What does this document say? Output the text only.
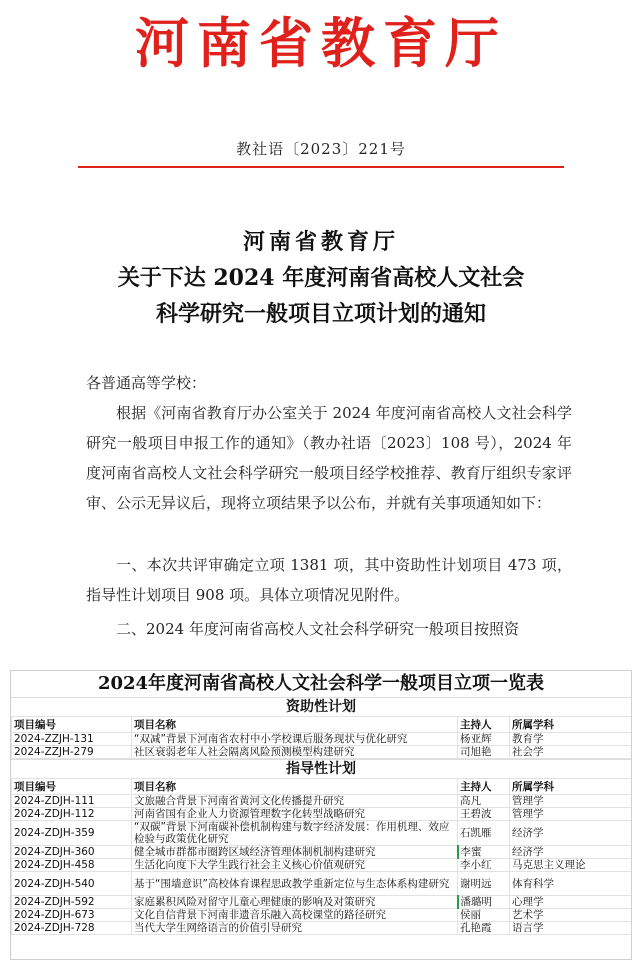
河南省教育厅
教社语〔2023〕221号
河南省教育厅
关于下达 2024 年度河南省高校人文社会
科学研究一般项目立项计划的通知
各普通高等学校：
根据《河南省教育厅办公室关于 2024 年度河南省高校人文社会科学研究一般项目申报工作的通知》（教办社语〔2023〕108 号），2024 年度河南省高校人文社会科学研究一般项目经学校推荐、教育厅组织专家评审、公示无异议后，现将立项结果予以公布，并就有关事项通知如下：
一、本次共评审确定立项 1381 项，其中资助性计划项目 473 项，指导性计划项目 908 项。具体立项情况见附件。
二、2024 年度河南省高校人文社会科学研究一般项目按照资
2024年度河南省高校人文社会科学一般项目立项一览表
资助性计划
项目编号	项目名称	主持人	所属学科
2024-ZZJH-131	“双减”背景下河南省农村中小学校课后服务现状与优化研究	杨亚辉	教育学
2024-ZZJH-279	社区衰弱老年人社会隔离风险预测模型构建研究	司旭艳	社会学
指导性计划
项目编号	项目名称	主持人	所属学科
2024-ZDJH-111	文旅融合背景下河南省黄河文化传播提升研究	高凡	管理学
2024-ZDJH-112	河南省国有企业人力资源管理数字化转型战略研究	王碧波	管理学
2024-ZDJH-359	“双碳”背景下河南碳补偿机制构建与数字经济发展：作用机理、效应检验与政策优化研究	石凯雁	经济学
2024-ZDJH-360	健全城市群都市圈跨区域经济管理体制机制构建研究	李蜜	经济学
2024-ZDJH-458	生活化向度下大学生践行社会主义核心价值观研究	李小红	马克思主义理论
2024-ZDJH-540	基于“围墙意识”高校体育课程思政教学重新定位与生态体系构建研究	谢明远	体育科学
2024-ZDJH-592	家庭累积风险对留守儿童心理健康的影响及对策研究	潘璐明	心理学
2024-ZDJH-673	文化自信背景下河南非遗音乐融入高校课堂的路径研究	侯丽	艺术学
2024-ZDJH-728	当代大学生网络语言的价值引导研究	孔艳霞	语言学
